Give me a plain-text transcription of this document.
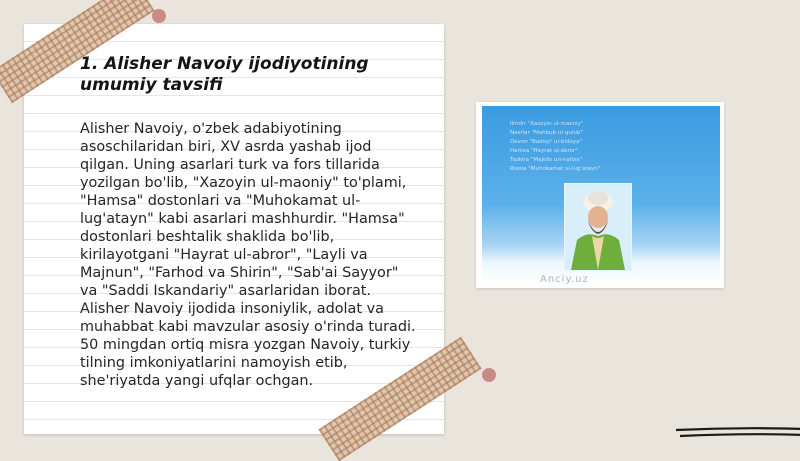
1. Alisher Navoiy ijodiyotining umumiy tavsifi

Alisher Navoiy, o'zbek adabiyotining asoschilaridan biri, XV asrda yashab ijod qilgan. Uning asarlari turk va fors tillarida yozilgan bo'lib, "Xazoyin ul-maoniy" to'plami, "Hamsa" dostonlari va "Muhokamat ul-lug'atayn" kabi asarlari mashhurdir. "Hamsa" dostonlari beshtalik shaklida bo'lib, kirilayotgani "Hayrat ul-abror", "Layli va Majnun", "Farhod va Shirin", "Sab'ai Sayyor" va "Saddi Iskandariy" asarlaridan iborat. Alisher Navoiy ijodida insoniylik, adolat va muhabbat kabi mavzular asosiy o'rinda turadi. 50 mingdan ortiq misra yozgan Navoiy, turkiy tilning imkoniyatlarini namoyish etib, she'riyatda yangi ufqlar ochgan.

Ilmdir "Xazoyin ul-maoniy"
Nasrlar "Mahbub ul-qulub"
Devon "Badoyi' ul-bidoya"
Hamsa "Hayrat ul-abror"
Tazkira "Majolis un-nafois"
Risola "Muhokamat ul-lug'atayn"
Anciy.uz
